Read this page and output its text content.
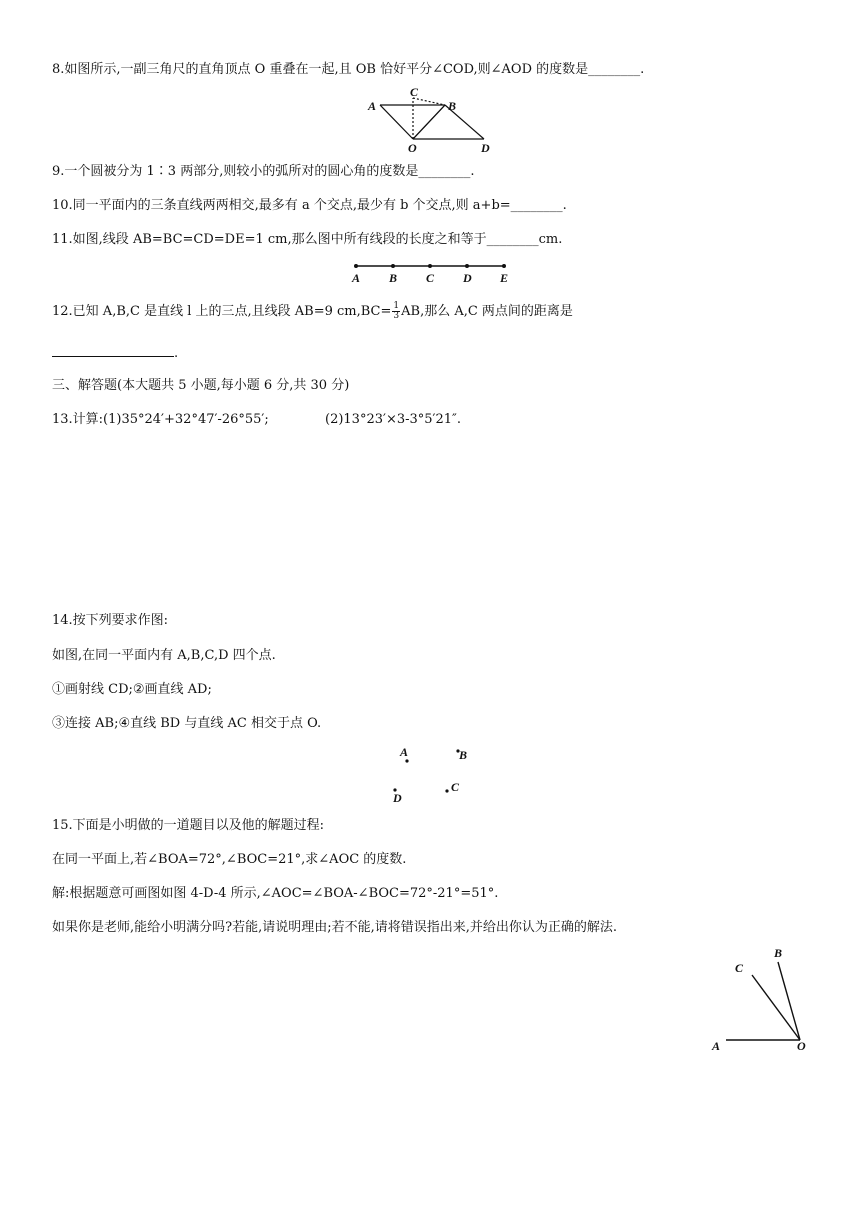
8.如图所示,一副三角尺的直角顶点 O 重叠在一起,且 OB 恰好平分∠COD,则∠AOD 的度数是________.
A
C
B
O	D
9.一个圆被分为 1∶3 两部分,则较小的弧所对的圆心角的度数是________.
10.同一平面内的三条直线两两相交,最多有 a 个交点,最少有 b 个交点,则 a+b=________.
11.如图,线段 AB=BC=CD=DE=1 cm,那么图中所有线段的长度之和等于________cm.
A B C D E
12.已知 A,B,C 是直线 l 上的三点,且线段 AB=9 $cm,BC= \frac{1}{3}$ AB,那么 A,C 两点间的距离是
.
三、解答题(本大题共 5 小题,每小题 6 分,共 30 分)
13.计算:(1)35°24′+32°47′-26°55′;	(2)13°23′×3-3°5′21″.
14.按下列要求作图:
如图,在同一平面内有 A,B,C,D 四个点.
①画射线 CD;②画直线 AD;
③连接 AB;④直线 BD 与直线 AC 相交于点 O.
A	B
C
D
15.下面是小明做的一道题目以及他的解题过程:
在同一平面上,若∠BOA=72°,∠BOC=21°,求∠AOC 的度数.
解:根据题意可画图如图 4-D-4 所示,∠AOC=∠BOA-∠BOC=72°-21°=51°.
如果你是老师,能给小明满分吗?若能,请说明理由;若不能,请将错误指出来,并给出你认为正确的解法.
C
B
A	O
